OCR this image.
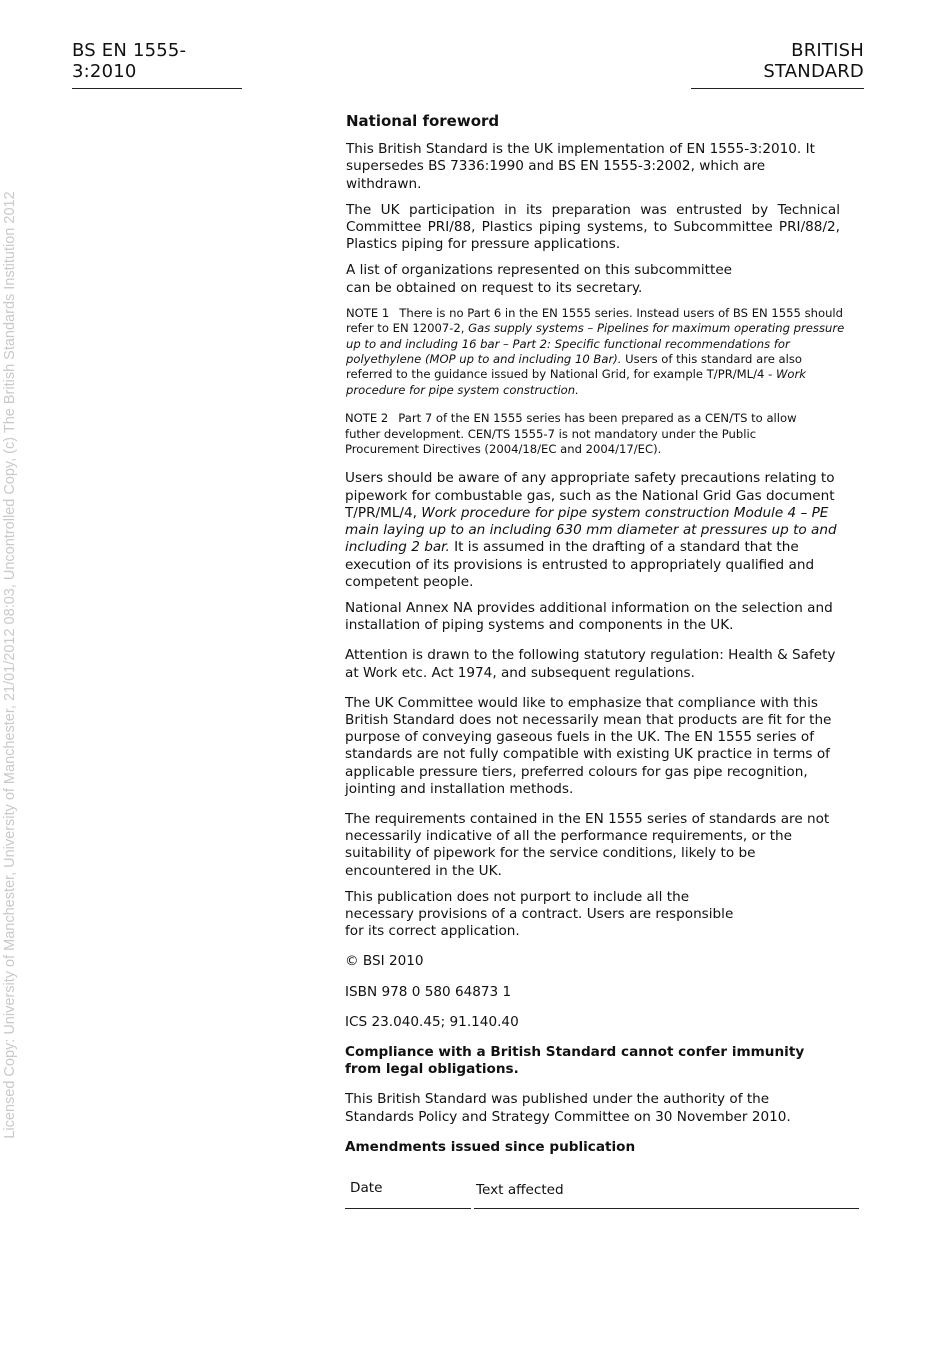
BS EN 1555-3:2010
BRITISH STANDARD
Licensed Copy: University of Manchester, University of Manchester, 21/01/2012 08:03, Uncontrolled Copy, (c) The British Standards Institution 2012
National foreword

This British Standard is the UK implementation of EN 1555-3:2010. It supersedes BS 7336:1990 and BS EN 1555-3:2002, which are withdrawn.

The UK participation in its preparation was entrusted by Technical Committee PRI/88, Plastics piping systems, to Subcommittee PRI/88/2, Plastics piping for pressure applications.

A list of organizations represented on this subcommittee can be obtained on request to its secretary.

NOTE 1 There is no Part 6 in the EN 1555 series. Instead users of BS EN 1555 should refer to EN 12007-2, Gas supply systems – Pipelines for maximum operating pressure up to and including 16 bar – Part 2: Specific functional recommendations for polyethylene (MOP up to and including 10 Bar). Users of this standard are also referred to the guidance issued by National Grid, for example T/PR/ML/4 - Work procedure for pipe system construction.
NOTE 2 Part 7 of the EN 1555 series has been prepared as a CEN/TS to allow futher development. CEN/TS 1555-7 is not mandatory under the Public Procurement Directives (2004/18/EC and 2004/17/EC).

Users should be aware of any appropriate safety precautions relating to pipework for combustable gas, such as the National Grid Gas document T/PR/ML/4, Work procedure for pipe system construction Module 4 – PE main laying up to an including 630 mm diameter at pressures up to and including 2 bar. It is assumed in the drafting of a standard that the execution of its provisions is entrusted to appropriately qualified and competent people.

National Annex NA provides additional information on the selection and installation of piping systems and components in the UK.

Attention is drawn to the following statutory regulation: Health & Safety at Work etc. Act 1974, and subsequent regulations.

The UK Committee would like to emphasize that compliance with this British Standard does not necessarily mean that products are fit for the purpose of conveying gaseous fuels in the UK. The EN 1555 series of standards are not fully compatible with existing UK practice in terms of applicable pressure tiers, preferred colours for gas pipe recognition, jointing and installation methods.

The requirements contained in the EN 1555 series of standards are not necessarily indicative of all the performance requirements, or the suitability of pipework for the service conditions, likely to be encountered in the UK.

This publication does not purport to include all the necessary provisions of a contract. Users are responsible for its correct application.

© BSI 2010

ISBN 978 0 580 64873 1

ICS 23.040.45; 91.140.40

Compliance with a British Standard cannot confer immunity from legal obligations.

This British Standard was published under the authority of the Standards Policy and Strategy Committee on 30 November 2010.

Amendments issued since publication
Date	Text affected
